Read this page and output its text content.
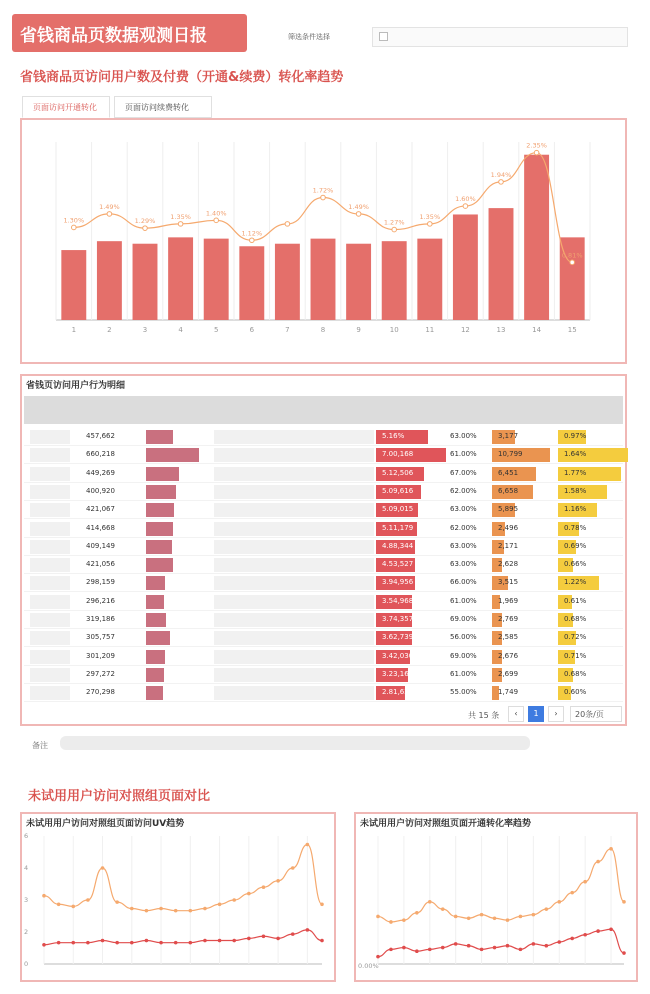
省钱商品页数据观测日报	筛选条件选择
省钱商品页访问用户数及付费（开通&续费）转化率趋势
页面访问开通转化	页面访问续费转化
1	2	3	4	5	6	7	8	9	10	11	12	13	14	15
1.30%
1.49%
1.29%
1.35% 1.40%
1.12%
1.72%
1.49%
1.27%
1.35%
1.60%
1.94%
2.35%
0.81%
省钱页访问用户行为明细
457,662	5.16%	63.00%	3,177	0.97%
660,218	7.00,168	61.00%	10,799	1.64%
449,269	5.12,506	67.00%	6,451	1.77%
400,920	5.09,616	62.00%	6,658	1.58%
421,067	5.09,015	63.00%	5,895	1.16%
414,668	5.11,179	62.00%	2,496	0.78%
409,149	4.88,344	63.00%	2,171	0.69%
421,056	4.53,527	63.00%	2,628	0.66%
298,159	3.94,956	66.00%	3,515	1.22%
296,216	3.54,968	61.00%	1,969	0.61%
319,186	3.74,357	69.00%	2,769	0.68%
305,757	3.62,739	56.00%	2,585	0.72%
301,209	3.42,030	69.00%	2,676	0.71%
297,272	3.23,161	61.00%	2,699	0.68%
270,298	2.81,626	55.00%	1,749	0.60%
共 15 条	‹	1	›	20条/页
备注
未试用用户访问对照组页面对比
未试用用户访问对照组页面访问UV趋势
0
2
3
4
6
未试用用户访问对照组页面开通转化率趋势
0.00%
